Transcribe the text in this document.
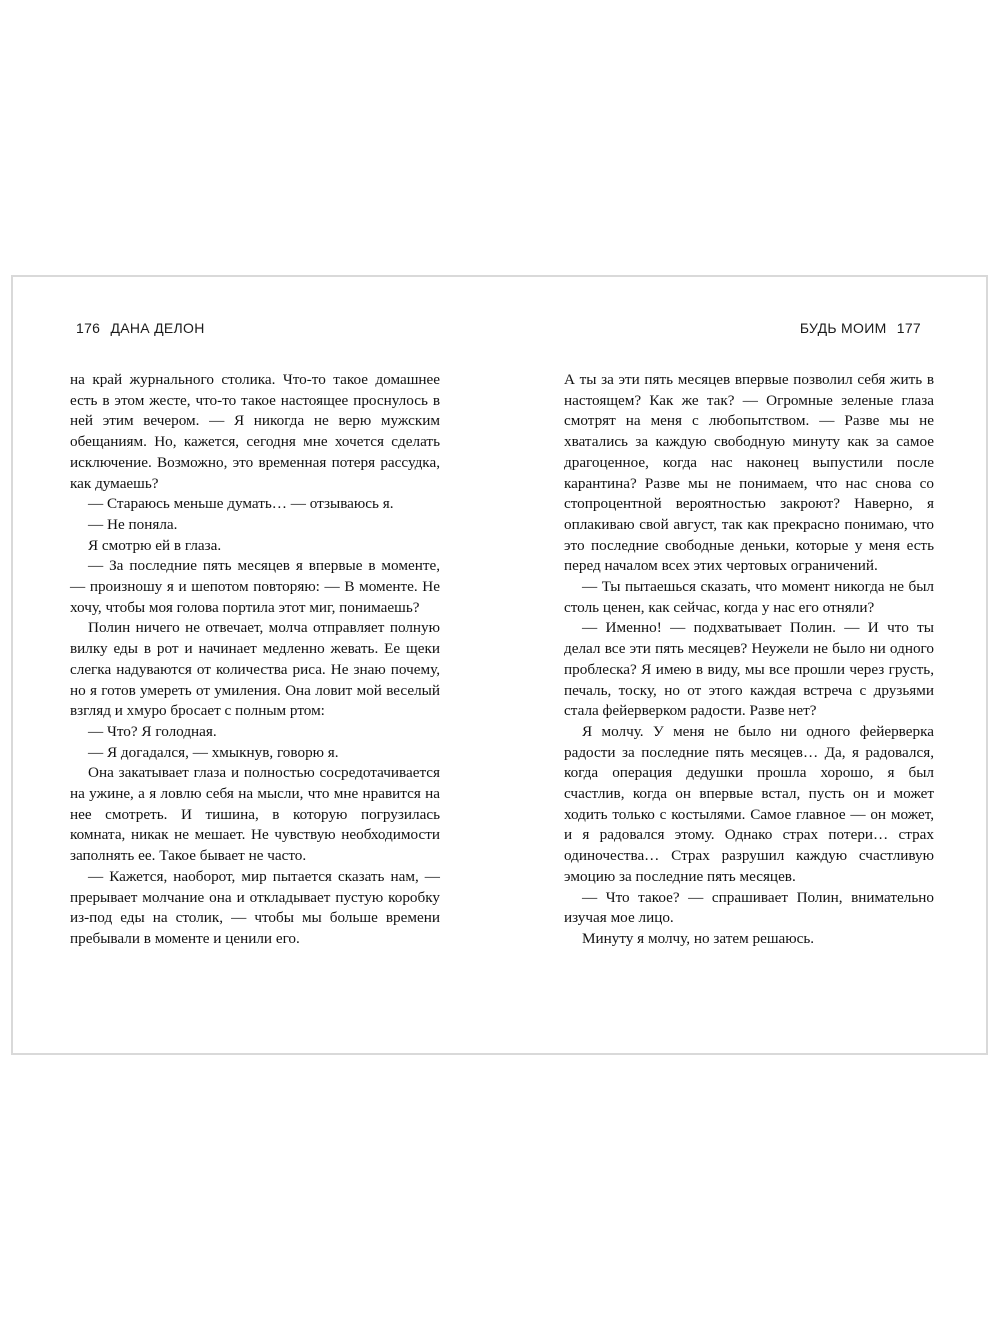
176 ДАНА ДЕЛОН	БУДЬ МОИМ 177

на край журнального столика. Что-то такое домашнее есть в этом жесте, что-то такое настоящее проснулось в ней этим вечером. — Я никогда не верю мужским обещаниям. Но, кажется, сегодня мне хочется сделать исключение. Возможно, это временная потеря рассудка, как думаешь?

— Стараюсь меньше думать… — отзываюсь я.

— Не поняла.

Я смотрю ей в глаза.

— За последние пять месяцев я впервые в моменте, — произношу я и шепотом повторяю: — В моменте. Не хочу, чтобы моя голова портила этот миг, понимаешь?

Полин ничего не отвечает, молча отправляет полную вилку еды в рот и начинает медленно жевать. Ее щеки слегка надуваются от количества риса. Не знаю почему, но я готов умереть от умиления. Она ловит мой веселый взгляд и хмуро бросает с полным ртом:

— Что? Я голодная.

— Я догадался, — хмыкнув, говорю я.

Она закатывает глаза и полностью сосредотачивается на ужине, а я ловлю себя на мысли, что мне нравится на нее смотреть. И тишина, в которую погрузилась комната, никак не мешает. Не чувствую необходимости заполнять ее. Такое бывает не часто.

— Кажется, наоборот, мир пытается сказать нам, — прерывает молчание она и откладывает пустую коробку из-под еды на столик, — чтобы мы больше времени пребывали в моменте и ценили его.

А ты за эти пять месяцев впервые позволил себя жить в настоящем? Как же так? — Огромные зеленые глаза смотрят на меня с любопытством. — Разве мы не хватались за каждую свободную минуту как за самое драгоценное, когда нас наконец выпустили после карантина? Разве мы не понимаем, что нас снова со стопроцентной вероятностью закроют? Наверно, я оплакиваю свой август, так как прекрасно понимаю, что это последние свободные деньки, которые у меня есть перед началом всех этих чертовых ограничений.

— Ты пытаешься сказать, что момент никогда не был столь ценен, как сейчас, когда у нас его отняли?

— Именно! — подхватывает Полин. — И что ты делал все эти пять месяцев? Неужели не было ни одного проблеска? Я имею в виду, мы все прошли через грусть, печаль, тоску, но от этого каждая встреча с друзьями стала фейерверком радости. Разве нет?

Я молчу. У меня не было ни одного фейерверка радости за последние пять месяцев… Да, я радовался, когда операция дедушки прошла хорошо, я был счастлив, когда он впервые встал, пусть он и может ходить только с костылями. Самое главное — он может, и я радовался этому. Однако страх потери… страх одиночества… Страх разрушил каждую счастливую эмоцию за последние пять месяцев.

— Что такое? — спрашивает Полин, внимательно изучая мое лицо.

Минуту я молчу, но затем решаюсь.
